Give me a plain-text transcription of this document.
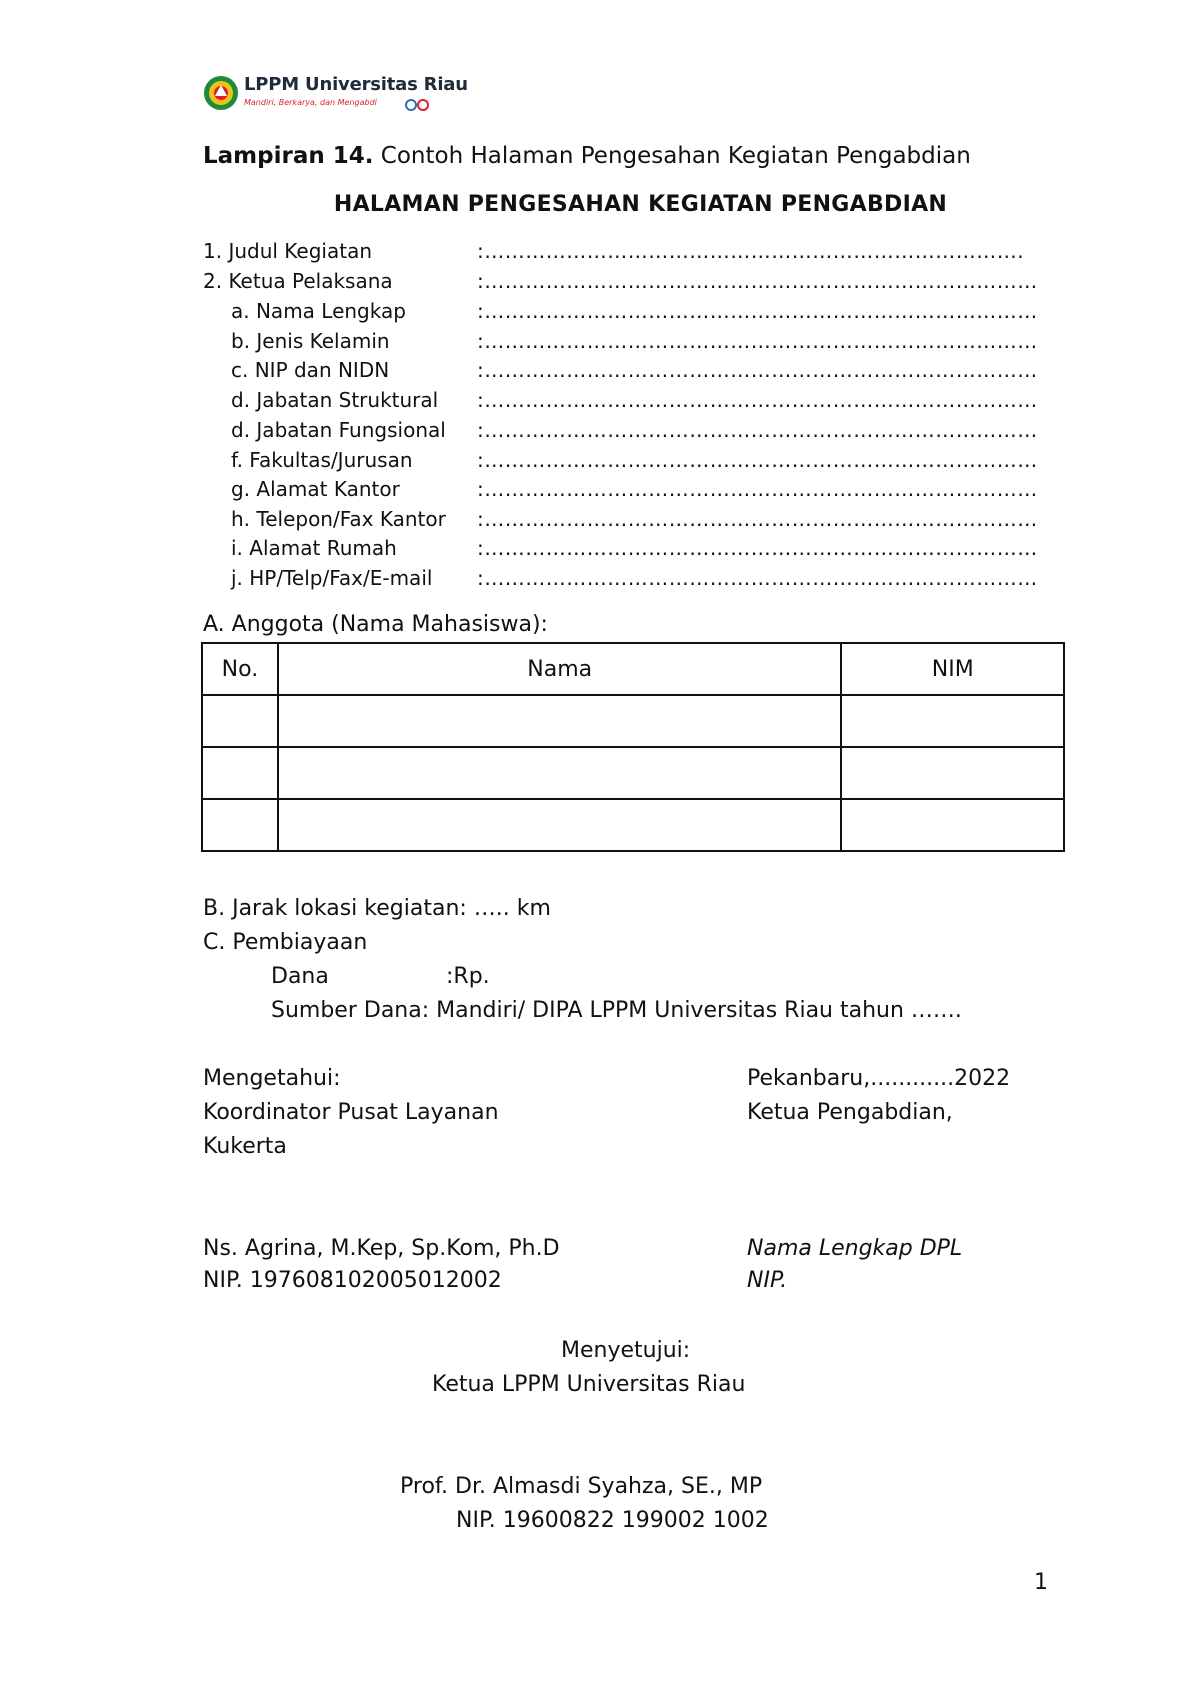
LPPM Universitas Riau
Mandiri, Berkarya, dan Mengabdi
Lampiran 14. Contoh Halaman Pengesahan Kegiatan Pengabdian
HALAMAN PENGESAHAN KEGIATAN PENGABDIAN
1. Judul Kegiatan	:…………………………………………………………………….
2. Ketua Pelaksana	:………………………………………………………………………
a. Nama Lengkap	:………………………………………………………………………
b. Jenis Kelamin	:………………………………………………………………………
c. NIP dan NIDN	:………………………………………………………………………
d. Jabatan Struktural :………………………………………………………………………
d. Jabatan Fungsional :………………………………………………………………………
f. Fakultas/Jurusan	:………………………………………………………………………
g. Alamat Kantor	:………………………………………………………………………
h. Telepon/Fax Kantor :………………………………………………………………………
i. Alamat Rumah	:………………………………………………………………………
j. HP/Telp/Fax/E-mail :………………………………………………………………………
A. Anggota (Nama Mahasiswa):
No.	Nama	NIM

B. Jarak lokasi kegiatan: ….. km
C. Pembiayaan
Dana	:Rp.
Sumber Dana: Mandiri/ DIPA LPPM Universitas Riau tahun …….
Mengetahui:
Koordinator Pusat Layanan
Kukerta
Ns. Agrina, M.Kep, Sp.Kom, Ph.D
NIP. 197608102005012002
Pekanbaru,............2022
Ketua Pengabdian,
Nama Lengkap DPL
NIP.
Menyetujui:
Ketua LPPM Universitas Riau
Prof. Dr. Almasdi Syahza, SE., MP
NIP. 19600822 199002 1002
1
